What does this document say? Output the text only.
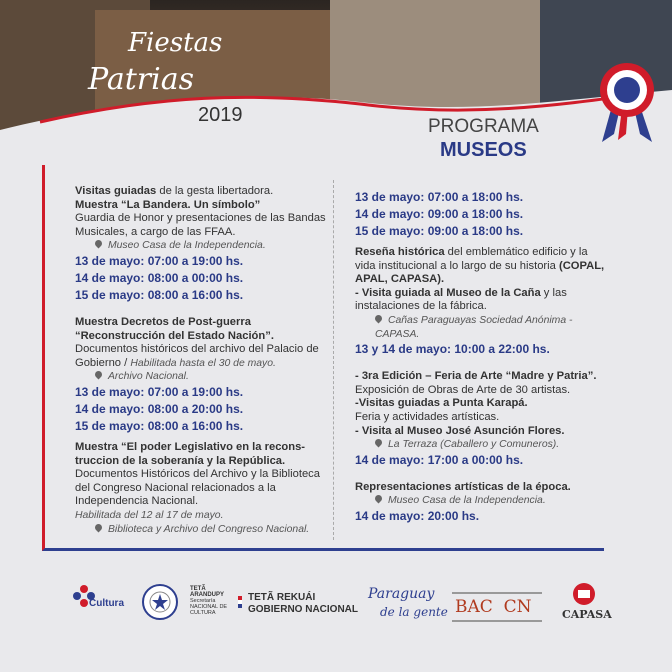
Fiestas
Patrias
2019
PROGRAMA
MUSEOS

Visitas guiadas de la gesta libertadora.

Muestra “La Bandera. Un símbolo”

Guardia de Honor y presentaciones de las Bandas Musicales, a cargo de las FFAA.

Museo Casa de la Independencia.

13 de mayo: 07:00 a 19:00 hs.

14 de mayo: 08:00 a 00:00 hs.

15 de mayo: 08:00 a 16:00 hs.

Muestra Decretos de Post-guerra “Reconstrucción del Estado Nación”.

Documentos históricos del archivo del Palacio de Gobierno / Habilitada hasta el 30 de mayo.

Archivo Nacional.

13 de mayo: 07:00 a 19:00 hs.

14 de mayo: 08:00 a 20:00 hs.

15 de mayo: 08:00 a 16:00 hs.

Muestra “El poder Legislativo en la recons- truccion de la soberanía y la República.

Documentos Históricos del Archivo y la Biblioteca del Congreso Nacional relacionados a la Independencia Nacional.

Habilitada del 12 al 17 de mayo.

Biblioteca y Archivo del Congreso Nacional.

13 de mayo: 07:00 a 18:00 hs.

14 de mayo: 09:00 a 18:00 hs.

15 de mayo: 09:00 a 18:00 hs.

Reseña histórica del emblemático edificio y la vida institucional a lo largo de su historia (COPAL, APAL, CAPASA).

- Visita guiada al Museo de la Caña y las instalaciones de la fábrica.

Cañas Paraguayas Sociedad Anónima - CAPASA.

13 y 14 de mayo: 10:00 a 22:00 hs.

- 3ra Edición – Feria de Arte “Madre y Patria”.

Exposición de Obras de Arte de 30 artistas.

-Visitas guiadas a Punta Karapá.

Feria y actividades artísticas.

- Visita al Museo José Asunción Flores.

La Terraza (Caballero y Comuneros).

14 de mayo: 17:00 a 00:00 hs.

Representaciones artísticas de la época.

Museo Casa de la Independencia.

14 de mayo: 20:00 hs.

Cultura
TETÃ ARANDUPY
Secretaría NACIONAL DE CULTURA
TETÃ REKUÁI
GOBIERNO NACIONAL
Paraguay
de la gente BAC  CN	CAPASA
